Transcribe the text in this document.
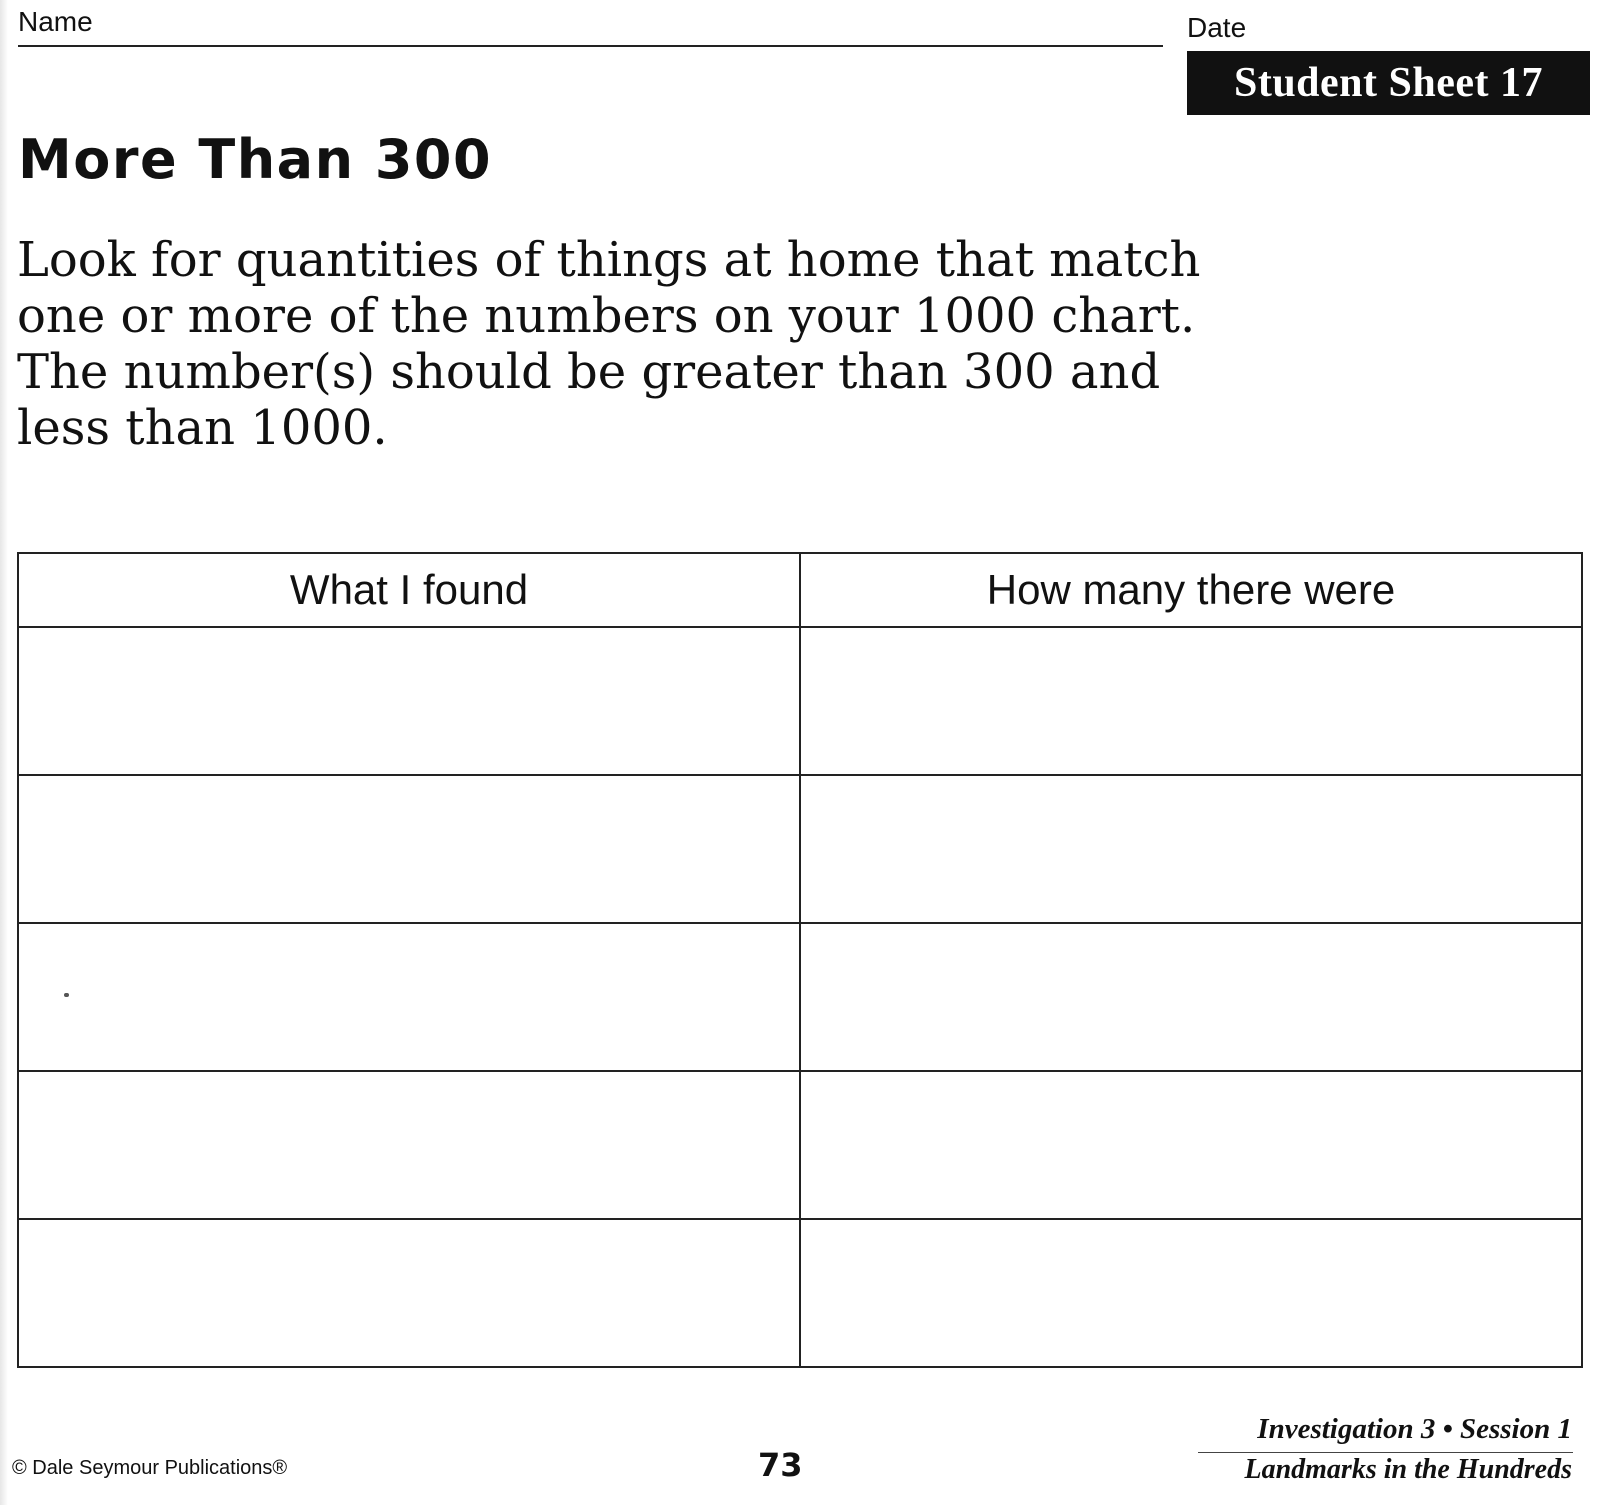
Name	Date
Student Sheet 17
More Than 300

Look for quantities of things at home that match one or more of the numbers on your 1000 chart. The number(s) should be greater than 300 and less than 1000.

What I found	How many there were

© Dale Seymour Publications®	73
Investigation 3 • Session 1
Landmarks in the Hundreds
